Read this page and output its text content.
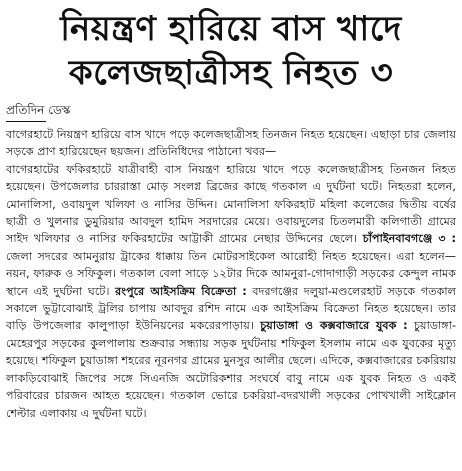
নিয়ন্ত্রণ হারিয়ে বাস খাদে
কলেজছাত্রীসহ নিহত ৩
প্রতিদিন ডেস্ক

বাগেরহাটে নিয়ন্ত্রণ হারিয়ে বাস খাদে পড়ে কলেজছাত্রীসহ তিনজন নিহত হয়েছেন। এছাড়া চার জেলায় সড়কে প্রাণ হারিয়েছেন ছয়জন। প্রতিনিধিদের পাঠানো খবর—

বাগেরহাটের ফকিরহাটে যাত্রীবাহী বাস নিয়ন্ত্রণ হারিয়ে খাদে পড়ে কলেজছাত্রীসহ তিনজন নিহত হয়েছেন। উপজেলার চাররাস্তা মোড় সংলগ্ন ব্রিজের কাছে গতকাল এ দুর্ঘটনা ঘটে। নিহতরা হলেন, মোনালিসা, ওবায়দুল খলিফা ও নাসির উদ্দিন। মোনালিসা ফকিরহাট মহিলা কলেজের দ্বিতীয় বর্ষের ছাত্রী ও খুলনার ডুমুরিয়ার আবদুল হামিদ সরদারের মেয়ে। ওবায়দুলের চিতলমারী কলিগাতী গ্রামের সাইদ খলিফার ও নাসির ফকিরহাটের আট্টাকী গ্রামের নেছার উদ্দিনের ছেলে। চাঁপাইনবাবগঞ্জে ৩ : জেলা সদরের আমনুরায় ট্রাকের ধাক্কায় তিন মোটরসাইকেল আরোহী নিহত হয়েছেন। এরা হলেন— নয়ন, ফারুক ও সফিকুল। গতকাল বেলা সাড়ে ১২টার দিকে আমনুরা-গোদাগাড়ী সড়কের কেন্দুল নামক স্থানে এই দুর্ঘটনা ঘটে। রংপুরে আইসক্রিম বিক্রেতা : বদরগঞ্জের দলুয়া-মণ্ডলেরহাট সড়কে গতকাল সকালে ভুট্টাবোঝাই ট্রলির চাপায় আবদুর রশিদ নামে এক আইসক্রিম বিক্রেতা নিহত হয়েছেন। তার বাড়ি উপজেলার কালুপাড়া ইউনিয়নের মকরেরপাড়ায়। চুয়াডাঙ্গা ও কক্সবাজারে যুবক : চুয়াডাঙ্গা-মেহেরপুর সড়কের কুলপালায় শুক্রবার সন্ধ্যায় সড়ক দুর্ঘটনায় শফিকুল ইসলাম নামে এক যুবকের মৃত্যু হয়েছে। শফিকুল চুয়াডাঙ্গা শহরের নূরনগর গ্রামের মুনসুর আলীর ছেলে। এদিকে, কক্সবাজারের চকরিয়ায় লাকড়িবোঝাই জিপের সঙ্গে সিএনজি অটোরিকশার সংঘর্ষে বাবু নামে এক যুবক নিহত ও একই পরিবারের চারজন আহত হয়েছেন। গতকাল ভোরে চকরিয়া-বদরখালী সড়কের পোখখালী সাইক্লোন শেল্টার এলাকায় এ দুর্ঘটনা ঘটে।
